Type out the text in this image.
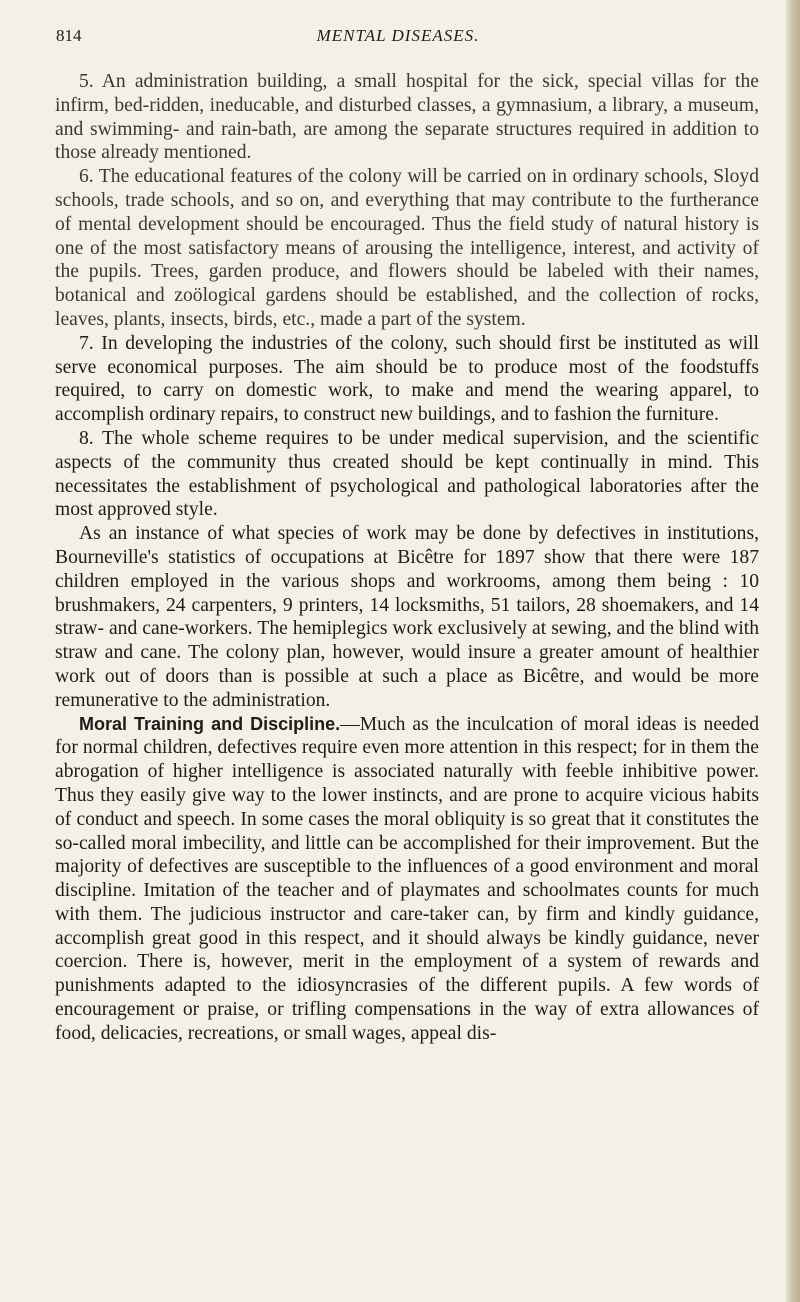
814	MENTAL DISEASES.

5. An administration building, a small hospital for the sick, special villas for the infirm, bed-ridden, ineducable, and disturbed classes, a gymnasium, a library, a museum, and swimming- and rain-bath, are among the separate structures required in addition to those already mentioned.

6. The educational features of the colony will be carried on in ordinary schools, Sloyd schools, trade schools, and so on, and everything that may contribute to the furtherance of mental development should be encouraged. Thus the field study of natural history is one of the most satisfactory means of arousing the intelligence, interest, and activity of the pupils. Trees, garden produce, and flowers should be labeled with their names, botanical and zoölogical gardens should be established, and the collection of rocks, leaves, plants, insects, birds, etc., made a part of the system.

7. In developing the industries of the colony, such should first be instituted as will serve economical purposes. The aim should be to produce most of the foodstuffs required, to carry on domestic work, to make and mend the wearing apparel, to accomplish ordinary repairs, to construct new buildings, and to fashion the furniture.

8. The whole scheme requires to be under medical supervision, and the scientific aspects of the community thus created should be kept continually in mind. This necessitates the establishment of psychological and pathological laboratories after the most approved style.

As an instance of what species of work may be done by defectives in institutions, Bourneville's statistics of occupations at Bicêtre for 1897 show that there were 187 children employed in the various shops and workrooms, among them being : 10 brushmakers, 24 carpenters, 9 printers, 14 locksmiths, 51 tailors, 28 shoemakers, and 14 straw- and cane-workers. The hemiplegics work exclusively at sewing, and the blind with straw and cane. The colony plan, however, would insure a greater amount of healthier work out of doors than is possible at such a place as Bicêtre, and would be more remunerative to the administration.

Moral Training and Discipline.—Much as the inculcation of moral ideas is needed for normal children, defectives require even more attention in this respect; for in them the abrogation of higher intelligence is associated naturally with feeble inhibitive power. Thus they easily give way to the lower instincts, and are prone to acquire vicious habits of conduct and speech. In some cases the moral obliquity is so great that it constitutes the so-called moral imbecility, and little can be accomplished for their improvement. But the majority of defectives are susceptible to the influences of a good environment and moral discipline. Imitation of the teacher and of playmates and schoolmates counts for much with them. The judicious instructor and care-taker can, by firm and kindly guidance, accomplish great good in this respect, and it should always be kindly guidance, never coercion. There is, however, merit in the employment of a system of rewards and punishments adapted to the idiosyncrasies of the different pupils. A few words of encouragement or praise, or trifling compensations in the way of extra allowances of food, delicacies, recreations, or small wages, appeal dis-
